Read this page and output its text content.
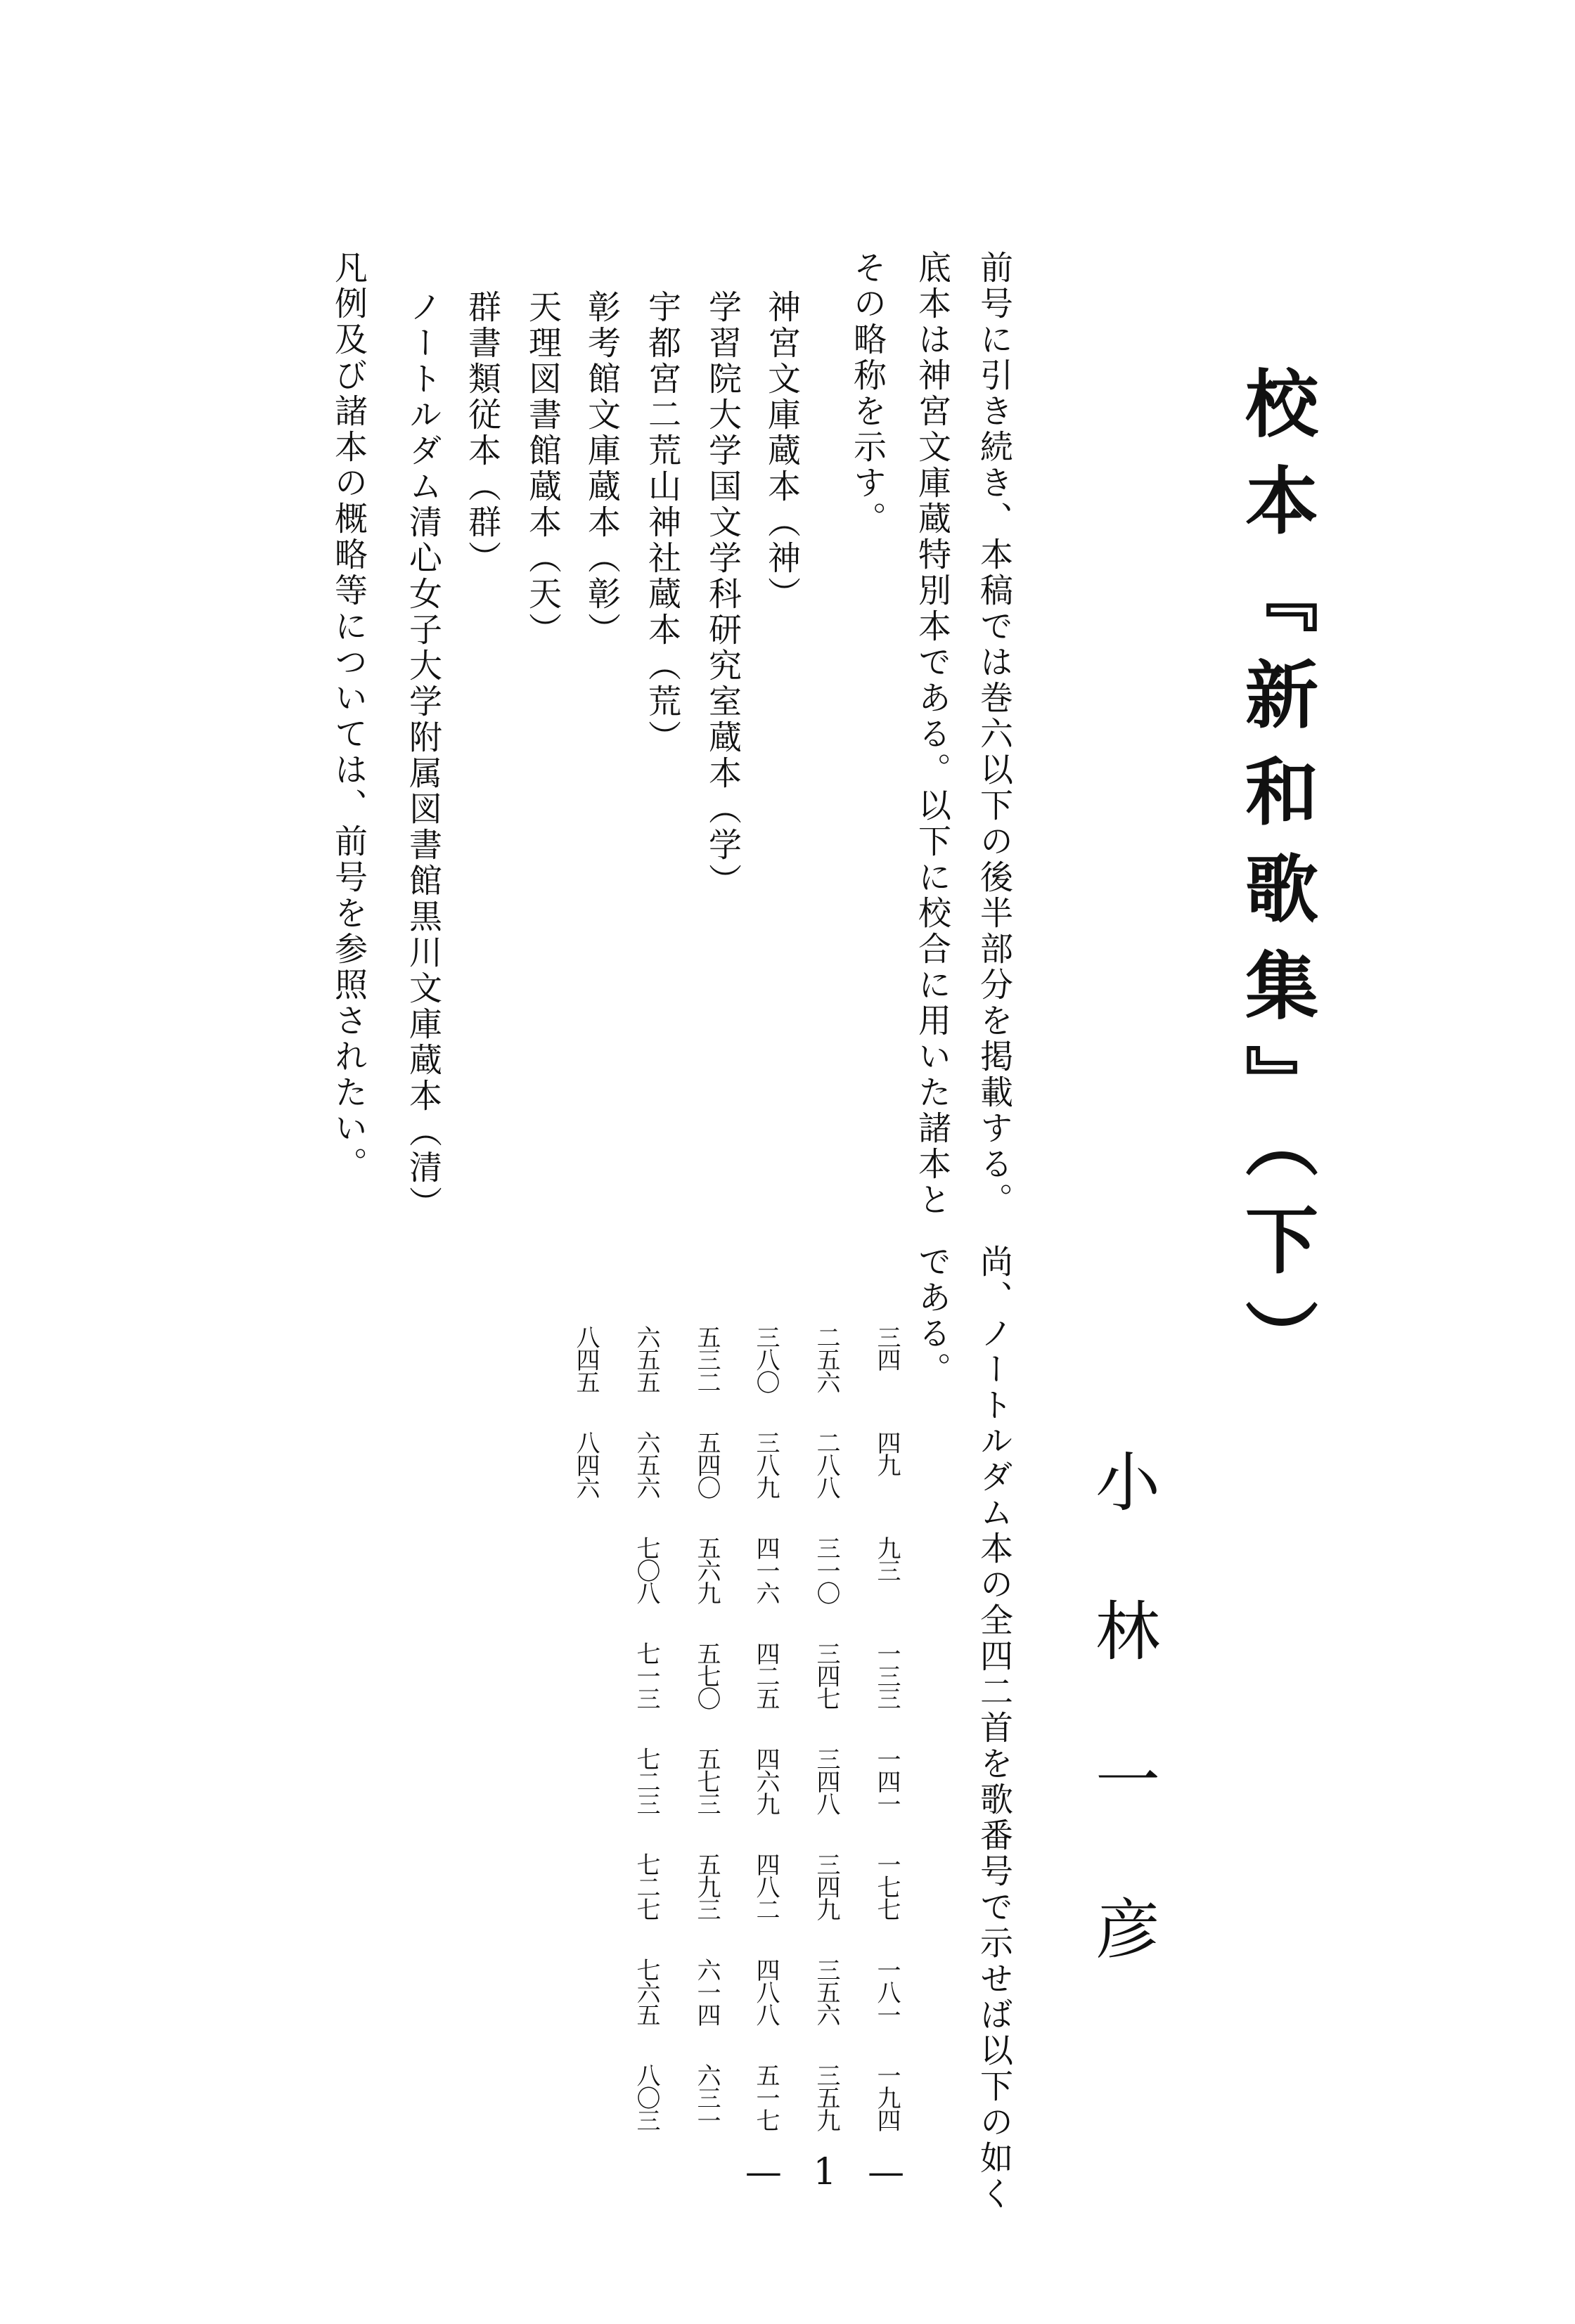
校本『新和歌集』（下）
小林一彦
前号に引き続き、本稿では巻六以下の後半部分を掲載する。
底本は神宮文庫蔵特別本である。以下に校合に用いた諸本と
その略称を示す。
神宮文庫蔵本（神）
学習院大学国文学科研究室蔵本（学）
宇都宮二荒山神社蔵本（荒）
彰考館文庫蔵本（彰）
天理図書館蔵本（天）
群書類従本（群）
ノートルダム清心女子大学附属図書館黒川文庫蔵本（清）
凡例及び諸本の概略等については、前号を参照されたい。
尚、ノートルダム本の全四二首を歌番号で示せば以下の如く
である。
三四
四九
九三
一三三
一四一
一七七
一八一
一九四
二五六
二八八
三一〇
三四七
三四八
三四九
三五六
三五九
三八〇
三八九
四一六
四二五
四六九
四八二
四八八
五一七
五三二
五四〇
五六九
五七〇
五七三
五九三
六一四
六三一
六五五
六五六
七〇八
七一三
七二三
七二七
七六五
八〇三
八四五
八四六
— 1 —
